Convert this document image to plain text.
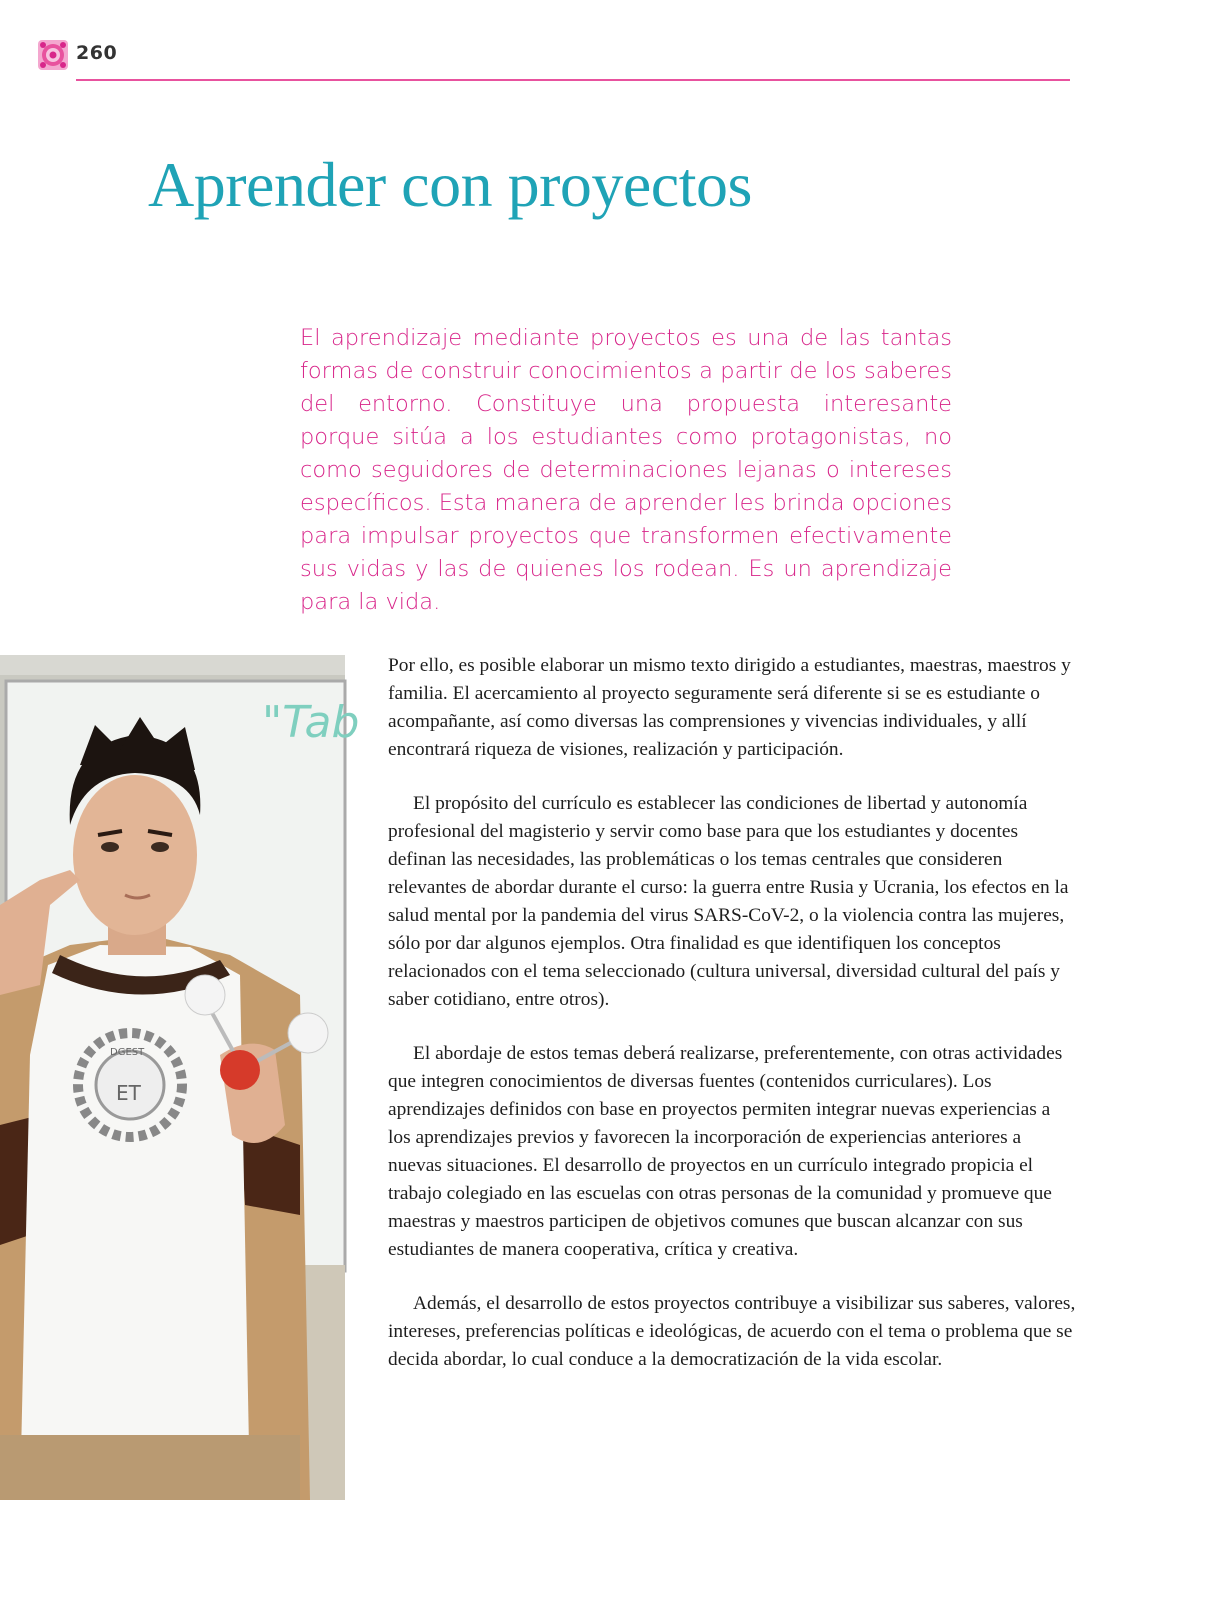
260
Aprender con proyectos

El aprendizaje mediante proyectos es una de las tantas formas de construir conocimientos a partir de los saberes del entorno. Constituye una propuesta interesante porque sitúa a los estudiantes como protagonistas, no como seguidores de determinaciones lejanas o intereses específicos. Esta manera de aprender les brinda opciones para impulsar proyectos que transformen efectivamente sus vidas y las de quienes los rodean. Es un aprendizaje para la vida.

"Tab
DGEST
ET

Por ello, es posible elaborar un mismo texto dirigido a estudiantes, maestras, maestros y familia. El acercamiento al proyecto seguramente será diferente si se es estudiante o acompañante, así como diversas las comprensiones y vivencias individuales, y allí encontrará riqueza de visiones, realización y participación.

El propósito del currículo es establecer las condiciones de libertad y autonomía profesional del magisterio y servir como base para que los estudiantes y docentes definan las necesidades, las problemáticas o los temas centrales que consideren relevantes de abordar durante el curso: la guerra entre Rusia y Ucrania, los efectos en la salud mental por la pandemia del virus SARS-CoV-2, o la violencia contra las mujeres, sólo por dar algunos ejemplos. Otra finalidad es que identifiquen los conceptos relacionados con el tema seleccionado (cultura universal, diversidad cultural del país y saber cotidiano, entre otros).

El abordaje de estos temas deberá realizarse, preferentemente, con otras actividades que integren conocimientos de diversas fuentes (contenidos curriculares). Los aprendizajes definidos con base en proyectos permiten integrar nuevas experiencias a los aprendizajes previos y favorecen la incorporación de experiencias anteriores a nuevas situaciones. El desarrollo de proyectos en un currículo integrado propicia el trabajo colegiado en las escuelas con otras personas de la comunidad y promueve que maestras y maestros participen de objetivos comunes que buscan alcanzar con sus estudiantes de manera cooperativa, crítica y creativa.

Además, el desarrollo de estos proyectos contribuye a visibilizar sus saberes, valores, intereses, preferencias políticas e ideológicas, de acuerdo con el tema o problema que se decida abordar, lo cual conduce a la democratización de la vida escolar.
